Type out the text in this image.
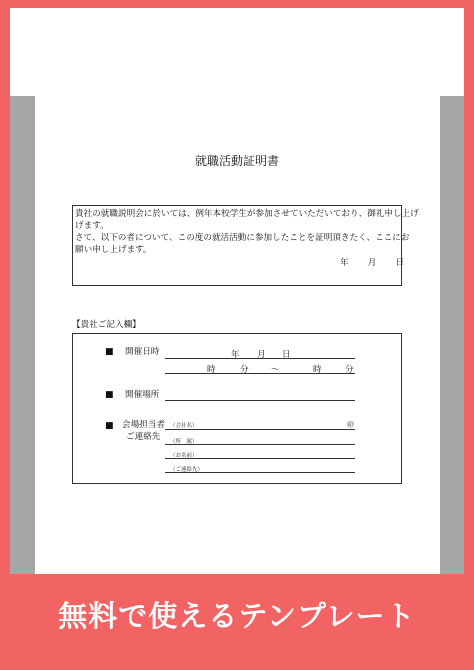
就職活動証明書
貴社の就職説明会に於いては、例年本校学生が参加させていただいており、御礼申し上げ
げます。
さて、以下の者について、この度の就活活動に参加したことを証明頂きたく、ここにお
願い申し上げます。
年 月 日
【貴社ご記入欄】
■ 開催日時	年 月 日
時	分	～	時	分
■ 開催場所
■ 会場担当者
ご連絡先
（会社名）	㊞
（所　属）
（お名前）
（ご連絡先）
無料で使えるテンプレート
